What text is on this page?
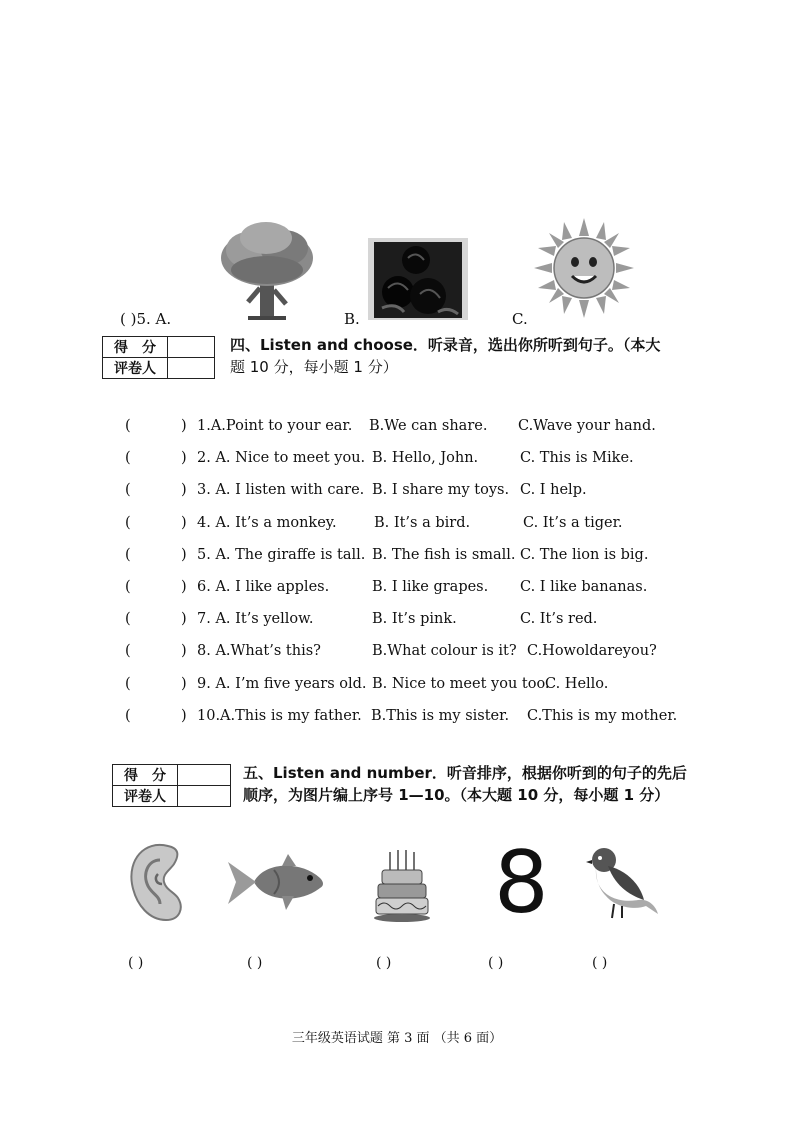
( )5. A.	B.	C.
得　分	
评卷人	
四、Listen and choose．听录音，选出你所听到句子。（本大
题 10 分，每小题 1 分）
(	) 1.A.Point to your ear. B.We can share. C.Wave your hand.
(	) 2. A. Nice to meet you. B. Hello, John.	C. This is Mike.
(	) 3. A. I listen with care. B. I share my toys. C. I help.
(	) 4. A. It’s a monkey.	B. It’s a bird.	C. It’s a tiger.
(	) 5. A. The giraffe is tall. B. The fish is small. C. The lion is big.
(	) 6. A. I like apples.	B. I like grapes. C. I like bananas.
(	) 7. A. It’s yellow.	B. It’s pink.	C. It’s red.
(	) 8. A.What’s this?	B.What colour is it? C.Howoldareyou?
(	) 9. A. I’m five years old. B. Nice to meet you too.
C. Hello.
(	) 10.A.This is my father. B.This is my sister. C.This is my mother.
得　分	
评卷人	
五、Listen and number．听音排序，根据你听到的句子的先后
顺序，为图片编上序号 1—10。（本大题 10 分，每小题 1 分）
8
( )	( )	( )	( )	( )
三年级英语试题 第 3 面 （共 6 面）
